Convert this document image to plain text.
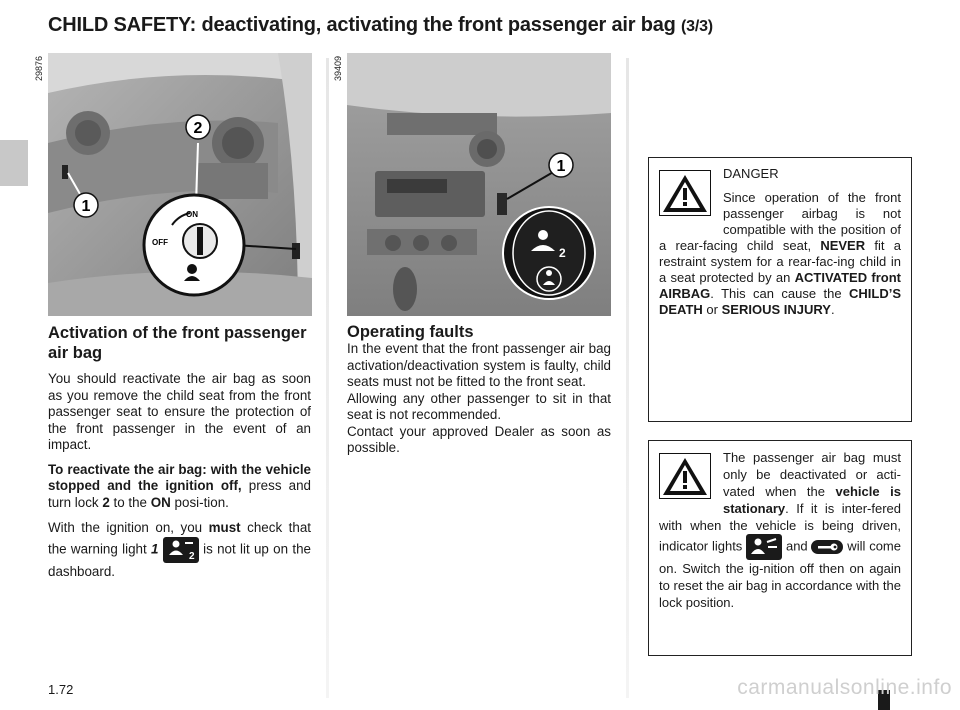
CHILD SAFETY: deactivating, activating the front passenger air bag (3/3)
ON
OFF
1
2
29876
2
1
39409
Activation of the front passenger air bag

You should reactivate the air bag as soon as you remove the child seat from the front passenger seat to ensure the protection of the front passenger in the event of an impact.

To reactivate the air bag: with the vehicle stopped and the ignition off, press and turn lock 2 to the ON posi-tion.

With the ignition on, you must check that the warning light 1	2 is not lit up on the dashboard.

Operating faults

In the event that the front passenger air bag activation/deactivation system is faulty, child seats must not be fitted to the front seat.

Allowing any other passenger to sit in that seat is not recommended.

Contact your approved Dealer as soon as possible.

DANGER

Since operation of the front passenger airbag is not compatible with the position of a rear-facing child seat, NEVER fit a restraint system for a rear-fac-ing child in a seat protected by an ACTIVATED front AIRBAG. This can cause the CHILD’S DEATH or SERIOUS INJURY.

The passenger air bag must only be deactivated or acti-vated when the vehicle is stationary. If it is inter-fered with when the vehicle is being driven, indicator lights	and  will come on. Switch the ig-nition off then on again to reset the air bag in accordance with the lock position.

1.72	carmanualsonline.info
